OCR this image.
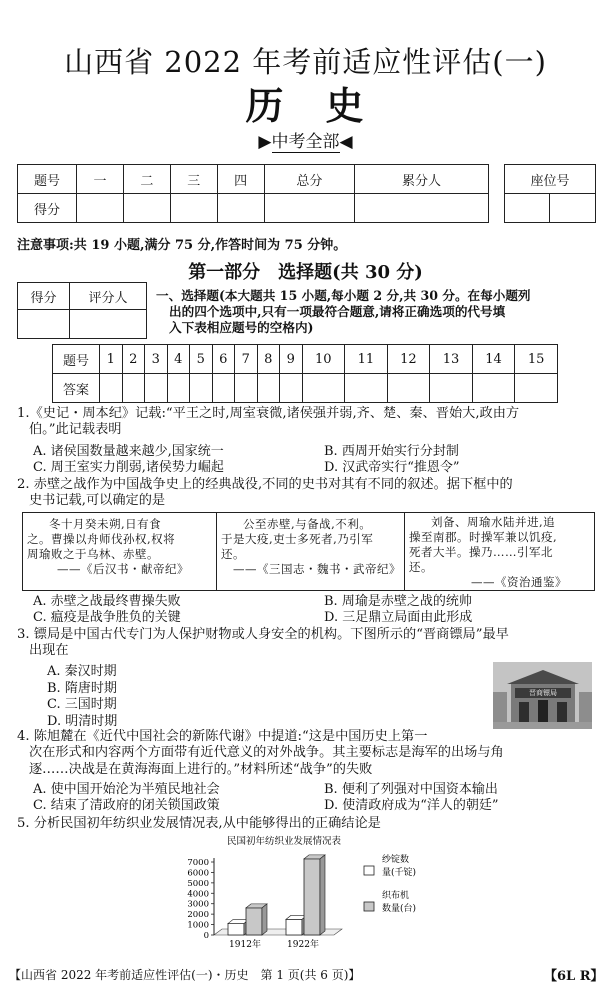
山西省 2022 年考前适应性评估(一)
历　史
▶中考全部◀
题号	一	二	三	四	总分	累分人
得分						
座位号

注意事项:共 19 小题,满分 75 分,作答时间为 75 分钟。
第一部分　选择题(共 30 分)
得分	评分人
	一、选择题(本大题共 15 小题,每小题 2 分,共 30 分。在每小题列
出的四个选项中,只有一项最符合题意,请将正确选项的代号填
入下表相应题号的空格内)
题号	1	2	3	4	5	6	7	8	9	10	11	12	13	14	15
答案															
1.《史记・周本纪》记载:“平王之时,周室衰微,诸侯强并弱,齐、楚、秦、晋始大,政由方
伯。”此记载表明
A. 诸侯国数量越来越少,国家统一	B. 西周开始实行分封制
C. 周王室实力削弱,诸侯势力崛起	D. 汉武帝实行“推恩令”
2. 赤壁之战作为中国战争史上的经典战役,不同的史书对其有不同的叙述。据下框中的
史书记载,可以确定的是
冬十月癸未朔,日有食
之。曹操以舟师伐孙权,权将
周瑜败之于乌林、赤壁。
——《后汉书・献帝纪》
公至赤壁,与备战,不利。
于是大疫,吏士多死者,乃引军
还。
——《三国志・魏书・武帝纪》
刘备、周瑜水陆并进,追
操至南郡。时操军兼以饥疫,
死者大半。操乃……引军北
还。
——《资治通鉴》
A. 赤壁之战最终曹操失败	B. 周瑜是赤壁之战的统帅
C. 瘟疫是战争胜负的关键	D. 三足鼎立局面由此形成
3. 镖局是中国古代专门为人保护财物或人身安全的机构。下图所示的“晋商镖局”最早
出现在
A. 秦汉时期
B. 隋唐时期
C. 三国时期
D. 明清时期
晋商镖局
4. 陈旭麓在《近代中国社会的新陈代谢》中提道:“这是中国历史上第一
次在形式和内容两个方面带有近代意义的对外战争。其主要标志是海军的出场与角
逐……决战是在黄海海面上进行的。”材料所述“战争”的失败
A. 使中国开始沦为半殖民地社会	B. 便利了列强对中国资本输出
C. 结束了清政府的闭关锁国政策	D. 使清政府成为“洋人的朝廷”
5. 分析民国初年纺织业发展情况表,从中能够得出的正确结论是
民国初年纺织业发展情况表
0
1000
2000
3000
4000
5000
6000
7000
1912年	1922年
纱锭数
量(千锭)
织布机
数量(台)
【山西省 2022 年考前适应性评估(一)・历史　第 1 页(共 6 页)】	【6L R】
